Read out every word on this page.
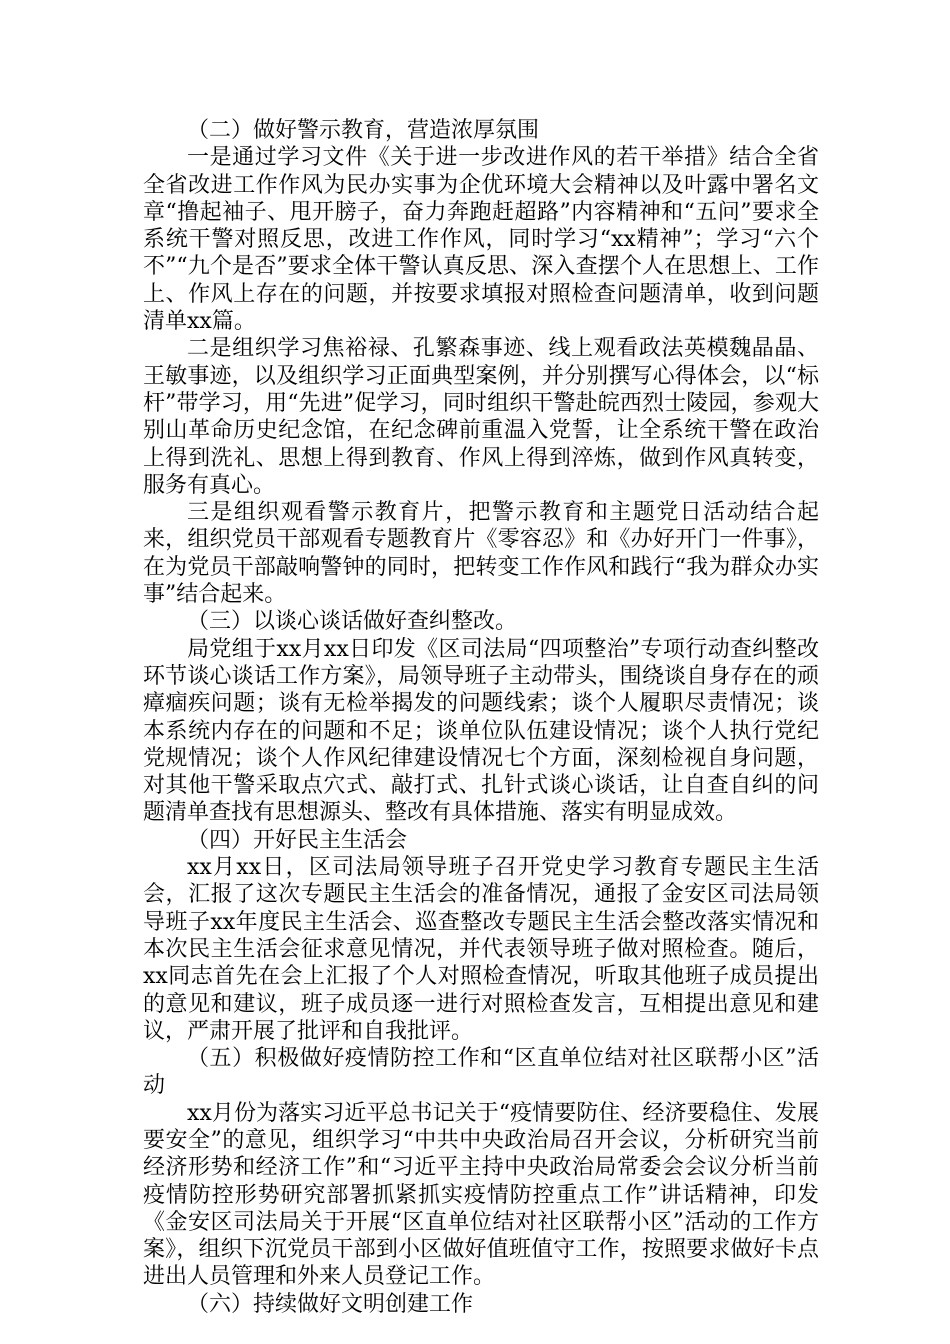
（二）做好警示教育，营造浓厚氛围

一是通过学习文件《关于进一步改进作风的若干举措》结合全省全省改进工作作风为民办实事为企优环境大会精神以及叶露中署名文章“撸起袖子、甩开膀子，奋力奔跑赶超路”内容精神和“五问”要求全系统干警对照反思，改进工作作风，同时学习“xx精神”；学习“六个不”“九个是否”要求全体干警认真反思、深入查摆个人在思想上、工作上、作风上存在的问题，并按要求填报对照检查问题清单，收到问题清单xx篇。

二是组织学习焦裕禄、孔繁森事迹、线上观看政法英模魏晶晶、王敏事迹，以及组织学习正面典型案例，并分别撰写心得体会，以“标杆”带学习，用“先进”促学习，同时组织干警赴皖西烈士陵园，参观大别山革命历史纪念馆，在纪念碑前重温入党誓，让全系统干警在政治上得到洗礼、思想上得到教育、作风上得到淬炼，做到作风真转变，服务有真心。

三是组织观看警示教育片，把警示教育和主题党日活动结合起来，组织党员干部观看专题教育片《零容忍》和《办好开门一件事》，在为党员干部敲响警钟的同时，把转变工作作风和践行“我为群众办实事”结合起来。

（三）以谈心谈话做好查纠整改。

局党组于xx月xx日印发《区司法局“四项整治”专项行动查纠整改环节谈心谈话工作方案》，局领导班子主动带头，围绕谈自身存在的顽瘴痼疾问题；谈有无检举揭发的问题线索；谈个人履职尽责情况；谈本系统内存在的问题和不足；谈单位队伍建设情况；谈个人执行党纪党规情况；谈个人作风纪律建设情况七个方面，深刻检视自身问题，对其他干警采取点穴式、敲打式、扎针式谈心谈话，让自查自纠的问题清单查找有思想源头、整改有具体措施、落实有明显成效。

（四）开好民主生活会

xx月xx日，区司法局领导班子召开党史学习教育专题民主生活会，汇报了这次专题民主生活会的准备情况，通报了金安区司法局领导班子xx年度民主生活会、巡查整改专题民主生活会整改落实情况和本次民主生活会征求意见情况，并代表领导班子做对照检查。随后，xx同志首先在会上汇报了个人对照检查情况，听取其他班子成员提出的意见和建议，班子成员逐一进行对照检查发言，互相提出意见和建议，严肃开展了批评和自我批评。

（五）积极做好疫情防控工作和“区直单位结对社区联帮小区”活动

xx月份为落实习近平总书记关于“疫情要防住、经济要稳住、发展要安全”的意见，组织学习“中共中央政治局召开会议，分析研究当前经济形势和经济工作”和“习近平主持中央政治局常委会会议分析当前疫情防控形势研究部署抓紧抓实疫情防控重点工作”讲话精神，印发《金安区司法局关于开展“区直单位结对社区联帮小区”活动的工作方案》，组织下沉党员干部到小区做好值班值守工作，按照要求做好卡点进出人员管理和外来人员登记工作。

（六）持续做好文明创建工作
